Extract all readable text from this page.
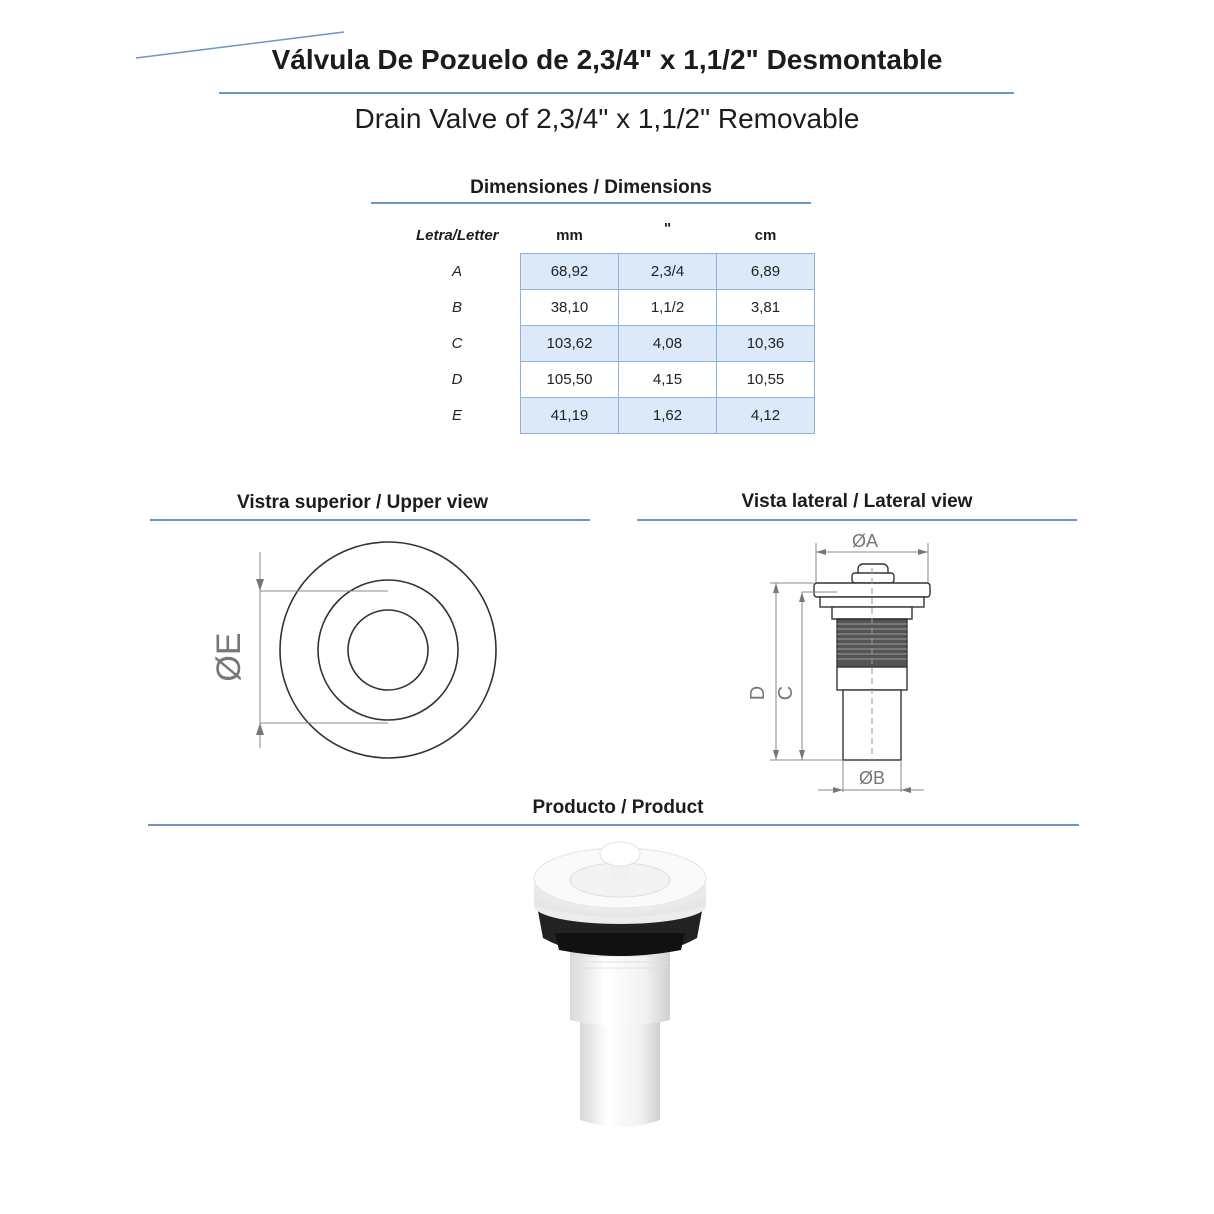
Válvula De Pozuelo de 2,3/4" x 1,1/2" Desmontable
Drain Valve of 2,3/4" x 1,1/2" Removable
Dimensiones / Dimensions
Letra/Letter	mm	"	cm
A	68,92	2,3/4	6,89
B	38,10	1,1/2	3,81
C	103,62	4,08	10,36
D	105,50	4,15	10,55
E	41,19	1,62	4,12
Vistra superior / Upper view
ØE
Vista lateral / Lateral view
ØA
D C
ØB
Producto / Product
